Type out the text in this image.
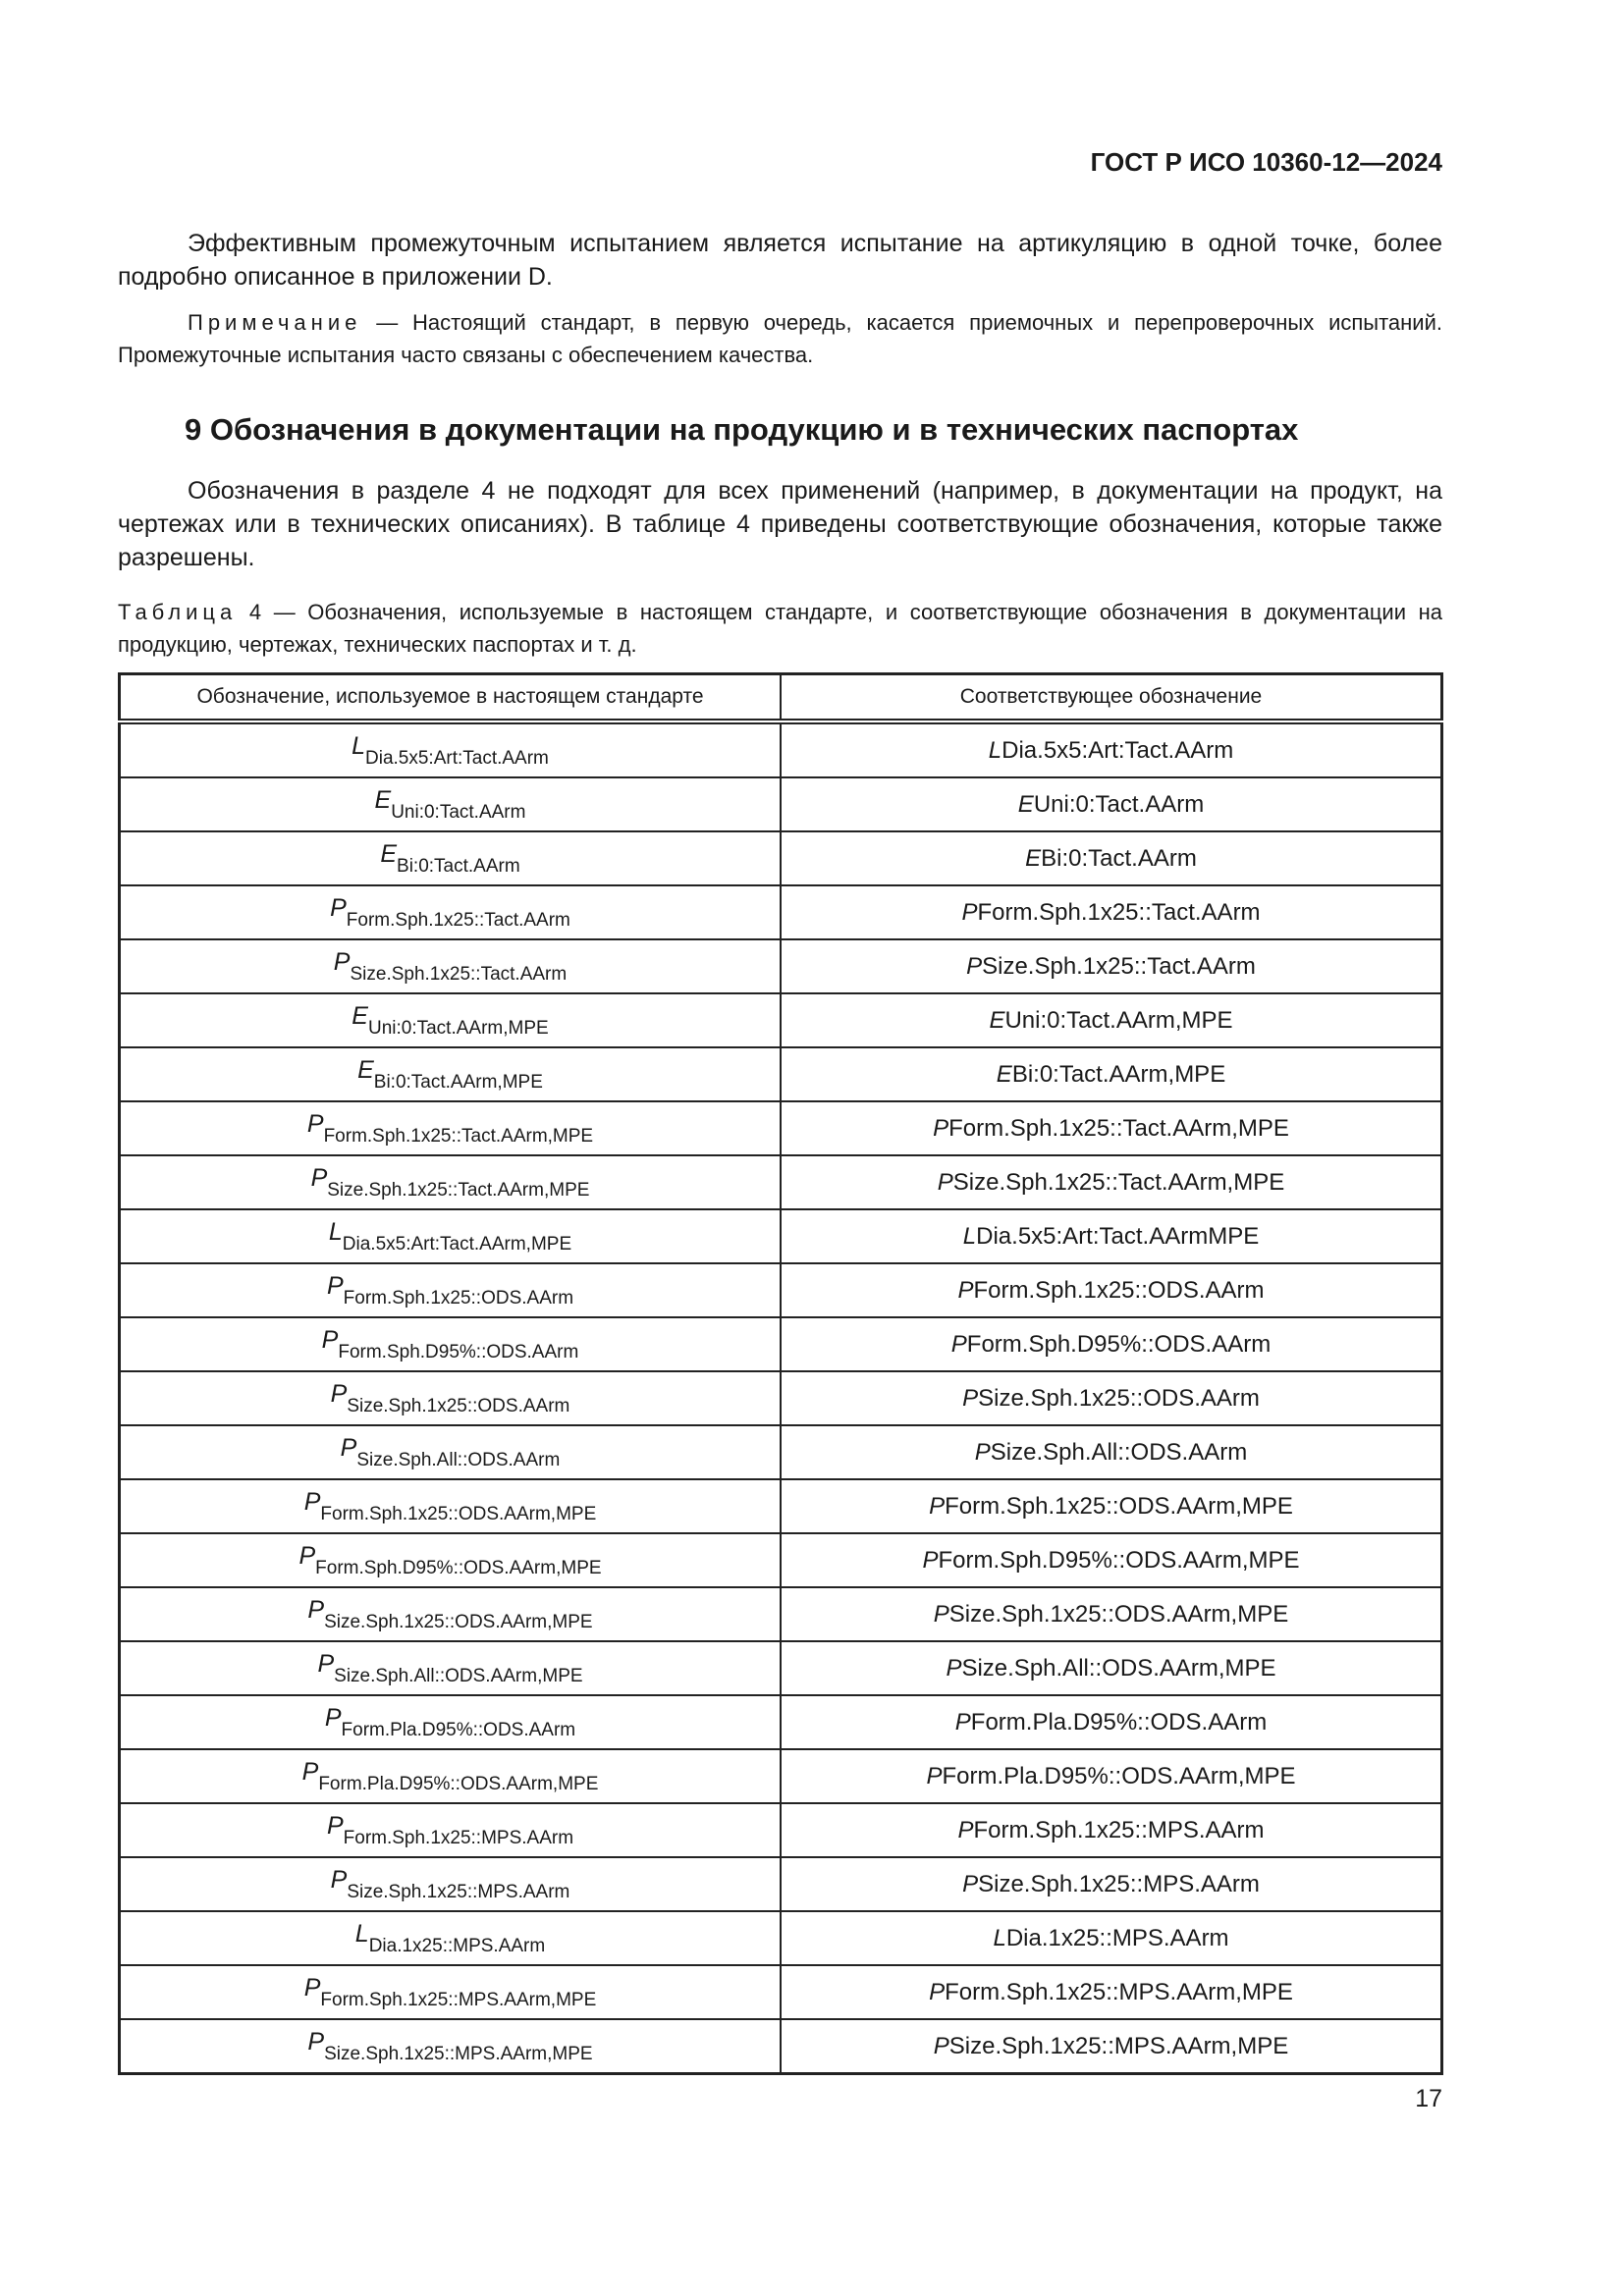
ГОСТ Р ИСО 10360-12—2024
Эффективным промежуточным испытанием является испытание на артикуляцию в одной точке, более подробно описанное в приложении D.
Примечание — Настоящий стандарт, в первую очередь, касается приемочных и перепроверочных испытаний. Промежуточные испытания часто связаны с обеспечением качества.
9 Обозначения в документации на продукцию и в технических паспортах
Обозначения в разделе 4 не подходят для всех применений (например, в документации на продукт, на чертежах или в технических описаниях). В таблице 4 приведены соответствующие обозначения, которые также разрешены.
Таблица 4 — Обозначения, используемые в настоящем стандарте, и соответствующие обозначения в документации на продукцию, чертежах, технических паспортах и т. д.
Обозначение, используемое в настоящем стандарте	Соответствующее обозначение
$L_{Dia.5x5:Art:Tact.AArm}$	LDia.5x5:Art:Tact.AArm
$E_{Uni:0:Tact.AArm}$	EUni:0:Tact.AArm
$E_{Bi:0:Tact.AArm}$	EBi:0:Tact.AArm
$P_{Form.Sph.1x25::Tact.AArm}$	PForm.Sph.1x25::Tact.AArm
$P_{Size.Sph.1x25::Tact.AArm}$	PSize.Sph.1x25::Tact.AArm
$E_{Uni:0:Tact.AArm,MPE}$	EUni:0:Tact.AArm,MPE
$E_{Bi:0:Tact.AArm,MPE}$	EBi:0:Tact.AArm,MPE
$P_{Form.Sph.1x25::Tact.AArm,MPE}$	PForm.Sph.1x25::Tact.AArm,MPE
$P_{Size.Sph.1x25::Tact.AArm,MPE}$	PSize.Sph.1x25::Tact.AArm,MPE
$L_{Dia.5x5:Art:Tact.AArm,MPE}$	LDia.5x5:Art:Tact.AArmMPE
$P_{Form.Sph.1x25::ODS.AArm}$	PForm.Sph.1x25::ODS.AArm
$P_{Form.Sph.D95\%::ODS.AArm}$	PForm.Sph.D95%::ODS.AArm
$P_{Size.Sph.1x25::ODS.AArm}$	PSize.Sph.1x25::ODS.AArm
$P_{Size.Sph.All::ODS.AArm}$	PSize.Sph.All::ODS.AArm
$P_{Form.Sph.1x25::ODS.AArm,MPE}$	PForm.Sph.1x25::ODS.AArm,MPE
$P_{Form.Sph.D95\%::ODS.AArm,MPE}$	PForm.Sph.D95%::ODS.AArm,MPE
$P_{Size.Sph.1x25::ODS.AArm,MPE}$	PSize.Sph.1x25::ODS.AArm,MPE
$P_{Size.Sph.All::ODS.AArm,MPE}$	PSize.Sph.All::ODS.AArm,MPE
$P_{Form.Pla.D95\%::ODS.AArm}$	PForm.Pla.D95%::ODS.AArm
$P_{Form.Pla.D95\%::ODS.AArm,MPE}$	PForm.Pla.D95%::ODS.AArm,MPE
$P_{Form.Sph.1x25::MPS.AArm}$	PForm.Sph.1x25::MPS.AArm
$P_{Size.Sph.1x25::MPS.AArm}$	PSize.Sph.1x25::MPS.AArm
$L_{Dia.1x25::MPS.AArm}$	LDia.1x25::MPS.AArm
$P_{Form.Sph.1x25::MPS.AArm,MPE}$	PForm.Sph.1x25::MPS.AArm,MPE
$P_{Size.Sph.1x25::MPS.AArm,MPE}$	PSize.Sph.1x25::MPS.AArm,MPE
17
